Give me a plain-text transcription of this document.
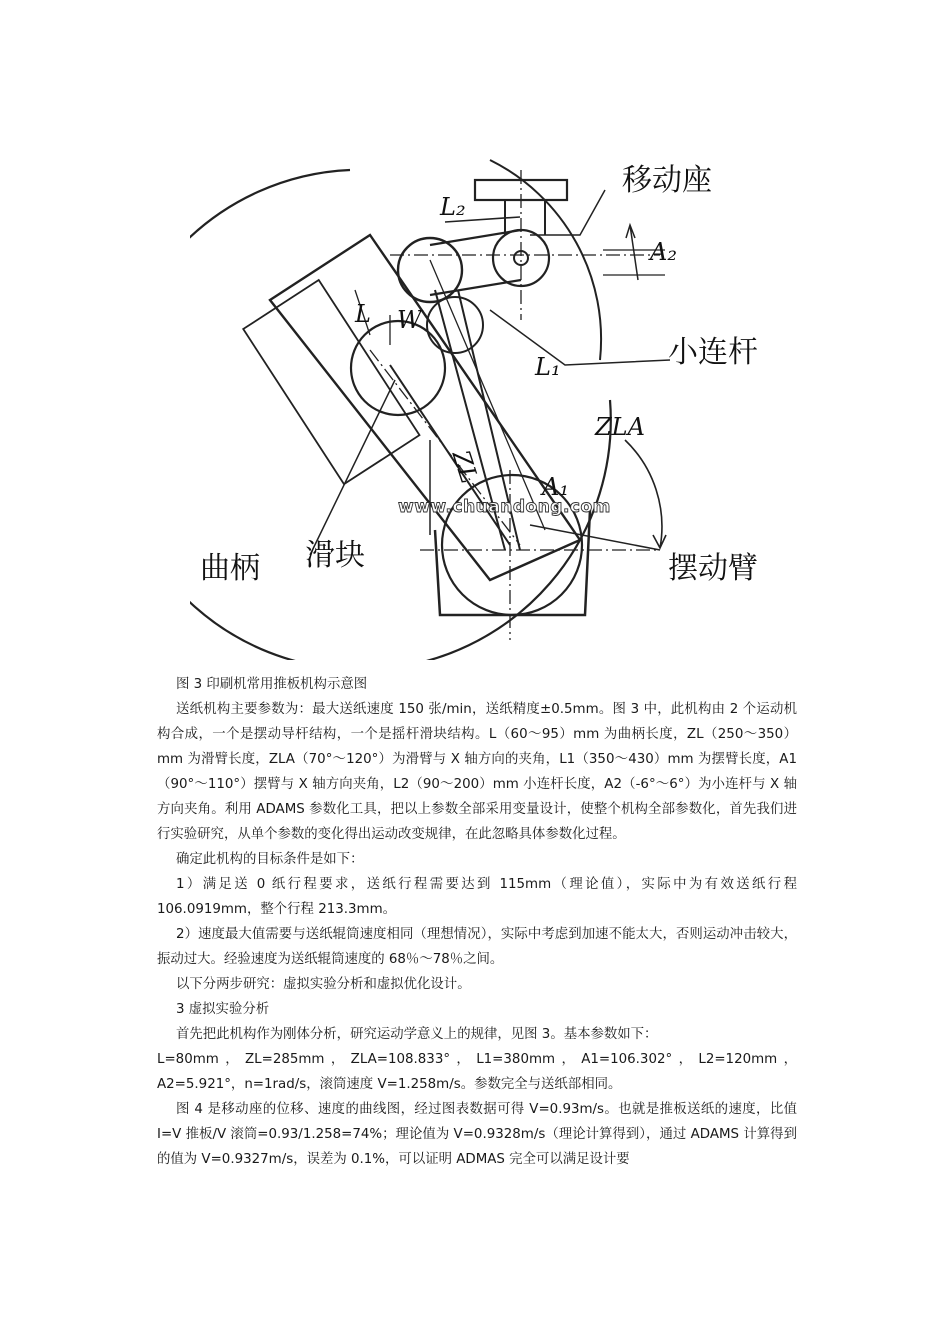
移动座
小连杆
摆动臂
曲柄 滑块
L₂
A₂
L W
L₁
ZLA
ZL
A₁
www.chuandong.com

图 3 印刷机常用推板机构示意图

送纸机构主要参数为：最大送纸速度 150 张/min，送纸精度±0.5mm。图 3 中，此机构由 2 个运动机构合成，一个是摆动导杆结构，一个是摇杆滑块结构。L（60～95）mm 为曲柄长度，ZL（250～350）mm 为滑臂长度，ZLA（70°～120°）为滑臂与 X 轴方向的夹角，L1（350～430）mm 为摆臂长度，A1（90°～110°）摆臂与 X 轴方向夹角，L2（90～200）mm 小连杆长度，A2（-6°～6°）为小连杆与 X 轴方向夹角。利用 ADAMS 参数化工具，把以上参数全部采用变量设计，使整个机构全部参数化，首先我们进行实验研究，从单个参数的变化得出运动改变规律，在此忽略具体参数化过程。

确定此机构的目标条件是如下：

1）满足送 0 纸行程要求，送纸行程需要达到 115mm（理论值），实际中为有效送纸行程 106.0919mm，整个行程 213.3mm。

2）速度最大值需要与送纸辊筒速度相同（理想情况），实际中考虑到加速不能太大，否则运动冲击较大，振动过大。经验速度为送纸辊筒速度的 68％～78％之间。

以下分两步研究：虚拟实验分析和虚拟优化设计。

3 虚拟实验分析

首先把此机构作为刚体分析，研究运动学意义上的规律，见图 3。基本参数如下：

L=80mm，ZL=285mm，ZLA=108.833°，L1=380mm，A1=106.302°，L2=120mm，A2=5.921°，n=1rad/s，滚筒速度 V=1.258m/s。参数完全与送纸部相同。

图 4 是移动座的位移、速度的曲线图，经过图表数据可得 V=0.93m/s。也就是推板送纸的速度，比值 I=V 推板/V 滚筒=0.93/1.258=74%；理论值为 V=0.9328m/s（理论计算得到），通过 ADAMS 计算得到的值为 V=0.9327m/s，误差为 0.1%，可以证明 ADMAS 完全可以满足设计要
